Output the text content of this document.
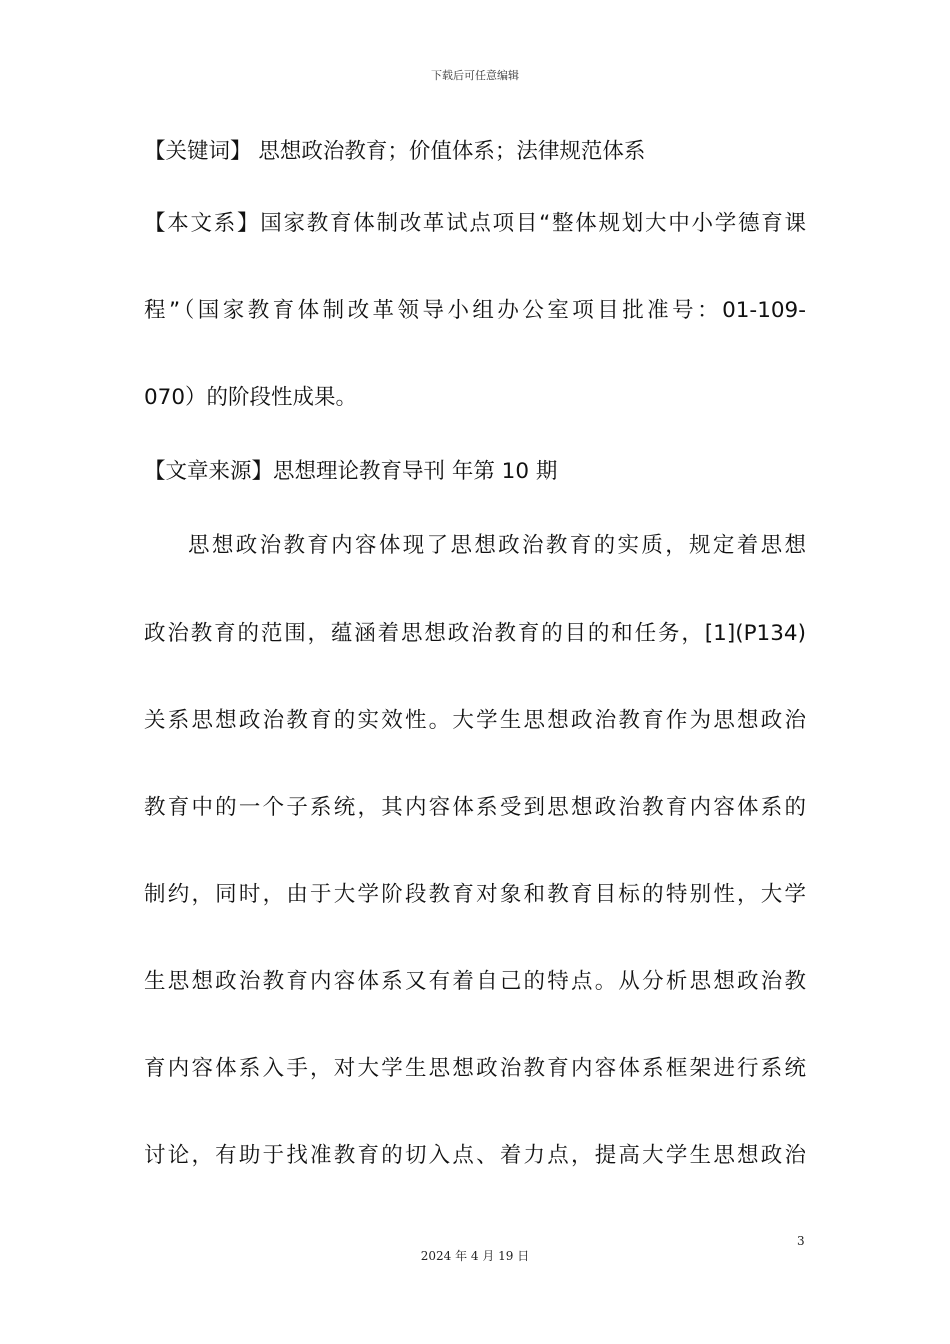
下载后可任意编辑
【关键词】 思想政治教育；价值体系；法律规范体系
【本文系】国家教育体制改革试点项目“整体规划大中小学德育课
程”（国家教育体制改革领导小组办公室项目批准号：01-109-
070）的阶段性成果。
【文章来源】思想理论教育导刊 年第 10 期
思想政治教育内容体现了思想政治教育的实质，规定着思想
政治教育的范围，蕴涵着思想政治教育的目的和任务，[1](P134)
关系思想政治教育的实效性。大学生思想政治教育作为思想政治
教育中的一个子系统，其内容体系受到思想政治教育内容体系的
制约，同时，由于大学阶段教育对象和教育目标的特别性，大学
生思想政治教育内容体系又有着自己的特点。从分析思想政治教
育内容体系入手，对大学生思想政治教育内容体系框架进行系统
讨论，有助于找准教育的切入点、着力点，提高大学生思想政治
3
2024 年 4 月 19 日
